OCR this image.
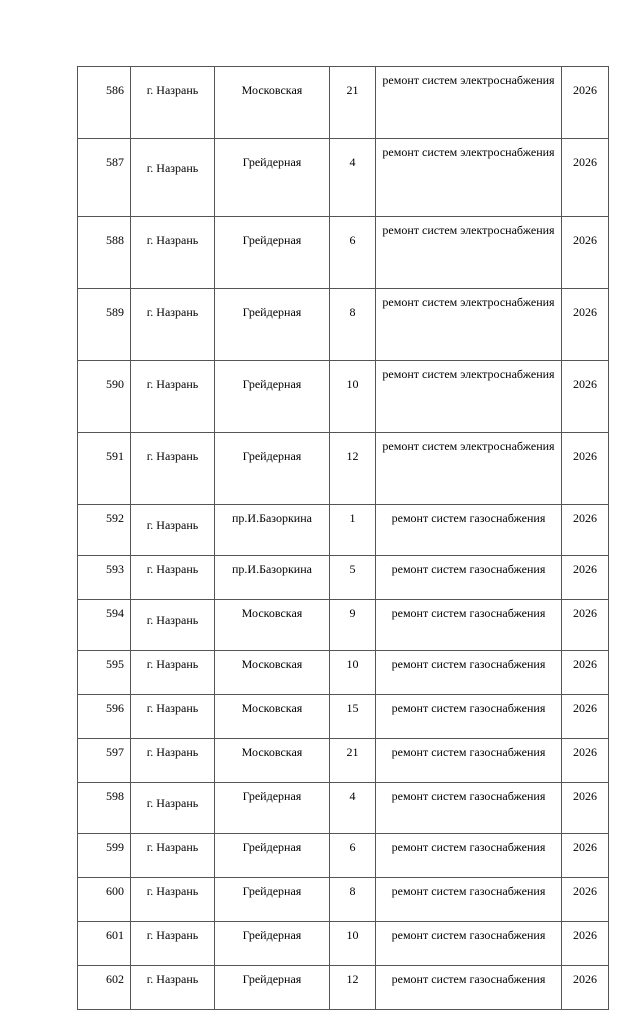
586	г. Назрань	Московская	21	ремонт систем электроснабжения	2026
587	г. Назрань	Грейдерная	4	ремонт систем электроснабжения	2026
588	г. Назрань	Грейдерная	6	ремонт систем электроснабжения	2026
589	г. Назрань	Грейдерная	8	ремонт систем электроснабжения	2026
590	г. Назрань	Грейдерная	10	ремонт систем электроснабжения	2026
591	г. Назрань	Грейдерная	12	ремонт систем электроснабжения	2026
592	г. Назрань	пр.И.Базоркина	1	ремонт систем газоснабжения	2026
593	г. Назрань	пр.И.Базоркина	5	ремонт систем газоснабжения	2026
594	г. Назрань	Московская	9	ремонт систем газоснабжения	2026
595	г. Назрань	Московская	10	ремонт систем газоснабжения	2026
596	г. Назрань	Московская	15	ремонт систем газоснабжения	2026
597	г. Назрань	Московская	21	ремонт систем газоснабжения	2026
598	г. Назрань	Грейдерная	4	ремонт систем газоснабжения	2026
599	г. Назрань	Грейдерная	6	ремонт систем газоснабжения	2026
600	г. Назрань	Грейдерная	8	ремонт систем газоснабжения	2026
601	г. Назрань	Грейдерная	10	ремонт систем газоснабжения	2026
602	г. Назрань	Грейдерная	12	ремонт систем газоснабжения	2026
